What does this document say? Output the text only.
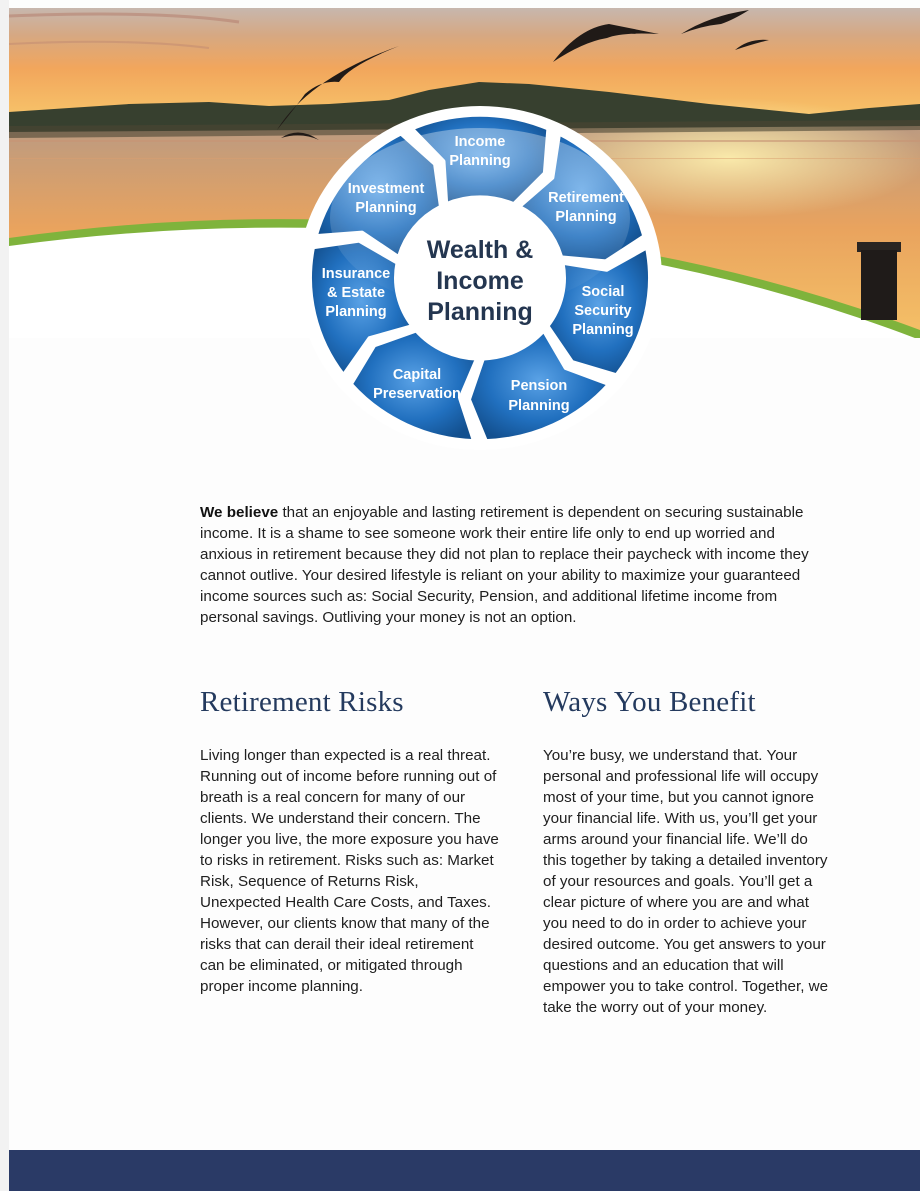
Wealth &
Income
Planning
Income
Planning
Retirement
Planning
Social
Security
Planning
Pension
Planning
Capital
Preservation
Insurance
& Estate
Planning
Investment
Planning

We believe that an enjoyable and lasting retirement is dependent on securing sustainable income. It is a shame to see someone work their entire life only to end up worried and anxious in retirement because they did not plan to replace their paycheck with income they cannot outlive. Your desired lifestyle is reliant on your ability to maximize your guaranteed income sources such as: Social Security, Pension, and additional lifetime income from personal savings. Outliving your money is not an option.

Retirement Risks

Living longer than expected is a real threat. Running out of income before running out of breath is a real concern for many of our clients. We understand their concern. The longer you live, the more exposure you have to risks in retirement. Risks such as: Market Risk, Sequence of Returns Risk, Unexpected Health Care Costs, and Taxes. However, our clients know that many of the risks that can derail their ideal retirement can be eliminated, or mitigated through proper income planning.

Ways You Benefit

You’re busy, we understand that. Your personal and professional life will occupy most of your time, but you cannot ignore your financial life. With us, you’ll get your arms around your financial life. We’ll do this together by taking a detailed inventory of your resources and goals. You’ll get a clear picture of where you are and what you need to do in order to achieve your desired outcome. You get answers to your questions and an education that will empower you to take control. Together, we take the worry out of your money.
